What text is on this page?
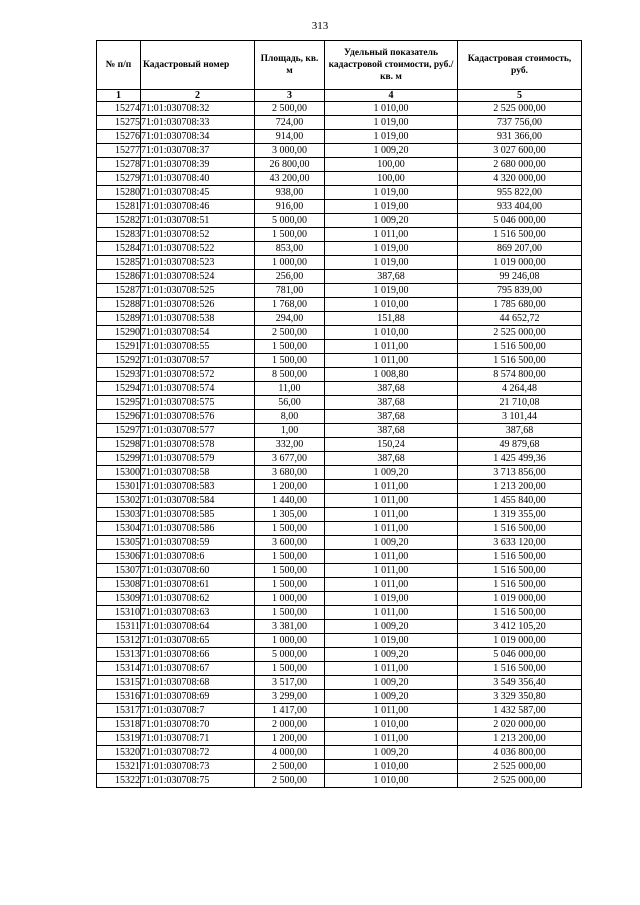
313
№ п/п	Кадастровый номер	Площадь, кв. м	Удельный показатель кадастровой стоимости, руб./кв. м	Кадастровая стоимость, руб.
1	2	3	4	5
15274	71:01:030708:32	2 500,00	1 010,00	2 525 000,00
15275	71:01:030708:33	724,00	1 019,00	737 756,00
15276	71:01:030708:34	914,00	1 019,00	931 366,00
15277	71:01:030708:37	3 000,00	1 009,20	3 027 600,00
15278	71:01:030708:39	26 800,00	100,00	2 680 000,00
15279	71:01:030708:40	43 200,00	100,00	4 320 000,00
15280	71:01:030708:45	938,00	1 019,00	955 822,00
15281	71:01:030708:46	916,00	1 019,00	933 404,00
15282	71:01:030708:51	5 000,00	1 009,20	5 046 000,00
15283	71:01:030708:52	1 500,00	1 011,00	1 516 500,00
15284	71:01:030708:522	853,00	1 019,00	869 207,00
15285	71:01:030708:523	1 000,00	1 019,00	1 019 000,00
15286	71:01:030708:524	256,00	387,68	99 246,08
15287	71:01:030708:525	781,00	1 019,00	795 839,00
15288	71:01:030708:526	1 768,00	1 010,00	1 785 680,00
15289	71:01:030708:538	294,00	151,88	44 652,72
15290	71:01:030708:54	2 500,00	1 010,00	2 525 000,00
15291	71:01:030708:55	1 500,00	1 011,00	1 516 500,00
15292	71:01:030708:57	1 500,00	1 011,00	1 516 500,00
15293	71:01:030708:572	8 500,00	1 008,80	8 574 800,00
15294	71:01:030708:574	11,00	387,68	4 264,48
15295	71:01:030708:575	56,00	387,68	21 710,08
15296	71:01:030708:576	8,00	387,68	3 101,44
15297	71:01:030708:577	1,00	387,68	387,68
15298	71:01:030708:578	332,00	150,24	49 879,68
15299	71:01:030708:579	3 677,00	387,68	1 425 499,36
15300	71:01:030708:58	3 680,00	1 009,20	3 713 856,00
15301	71:01:030708:583	1 200,00	1 011,00	1 213 200,00
15302	71:01:030708:584	1 440,00	1 011,00	1 455 840,00
15303	71:01:030708:585	1 305,00	1 011,00	1 319 355,00
15304	71:01:030708:586	1 500,00	1 011,00	1 516 500,00
15305	71:01:030708:59	3 600,00	1 009,20	3 633 120,00
15306	71:01:030708:6	1 500,00	1 011,00	1 516 500,00
15307	71:01:030708:60	1 500,00	1 011,00	1 516 500,00
15308	71:01:030708:61	1 500,00	1 011,00	1 516 500,00
15309	71:01:030708:62	1 000,00	1 019,00	1 019 000,00
15310	71:01:030708:63	1 500,00	1 011,00	1 516 500,00
15311	71:01:030708:64	3 381,00	1 009,20	3 412 105,20
15312	71:01:030708:65	1 000,00	1 019,00	1 019 000,00
15313	71:01:030708:66	5 000,00	1 009,20	5 046 000,00
15314	71:01:030708:67	1 500,00	1 011,00	1 516 500,00
15315	71:01:030708:68	3 517,00	1 009,20	3 549 356,40
15316	71:01:030708:69	3 299,00	1 009,20	3 329 350,80
15317	71:01:030708:7	1 417,00	1 011,00	1 432 587,00
15318	71:01:030708:70	2 000,00	1 010,00	2 020 000,00
15319	71:01:030708:71	1 200,00	1 011,00	1 213 200,00
15320	71:01:030708:72	4 000,00	1 009,20	4 036 800,00
15321	71:01:030708:73	2 500,00	1 010,00	2 525 000,00
15322	71:01:030708:75	2 500,00	1 010,00	2 525 000,00
